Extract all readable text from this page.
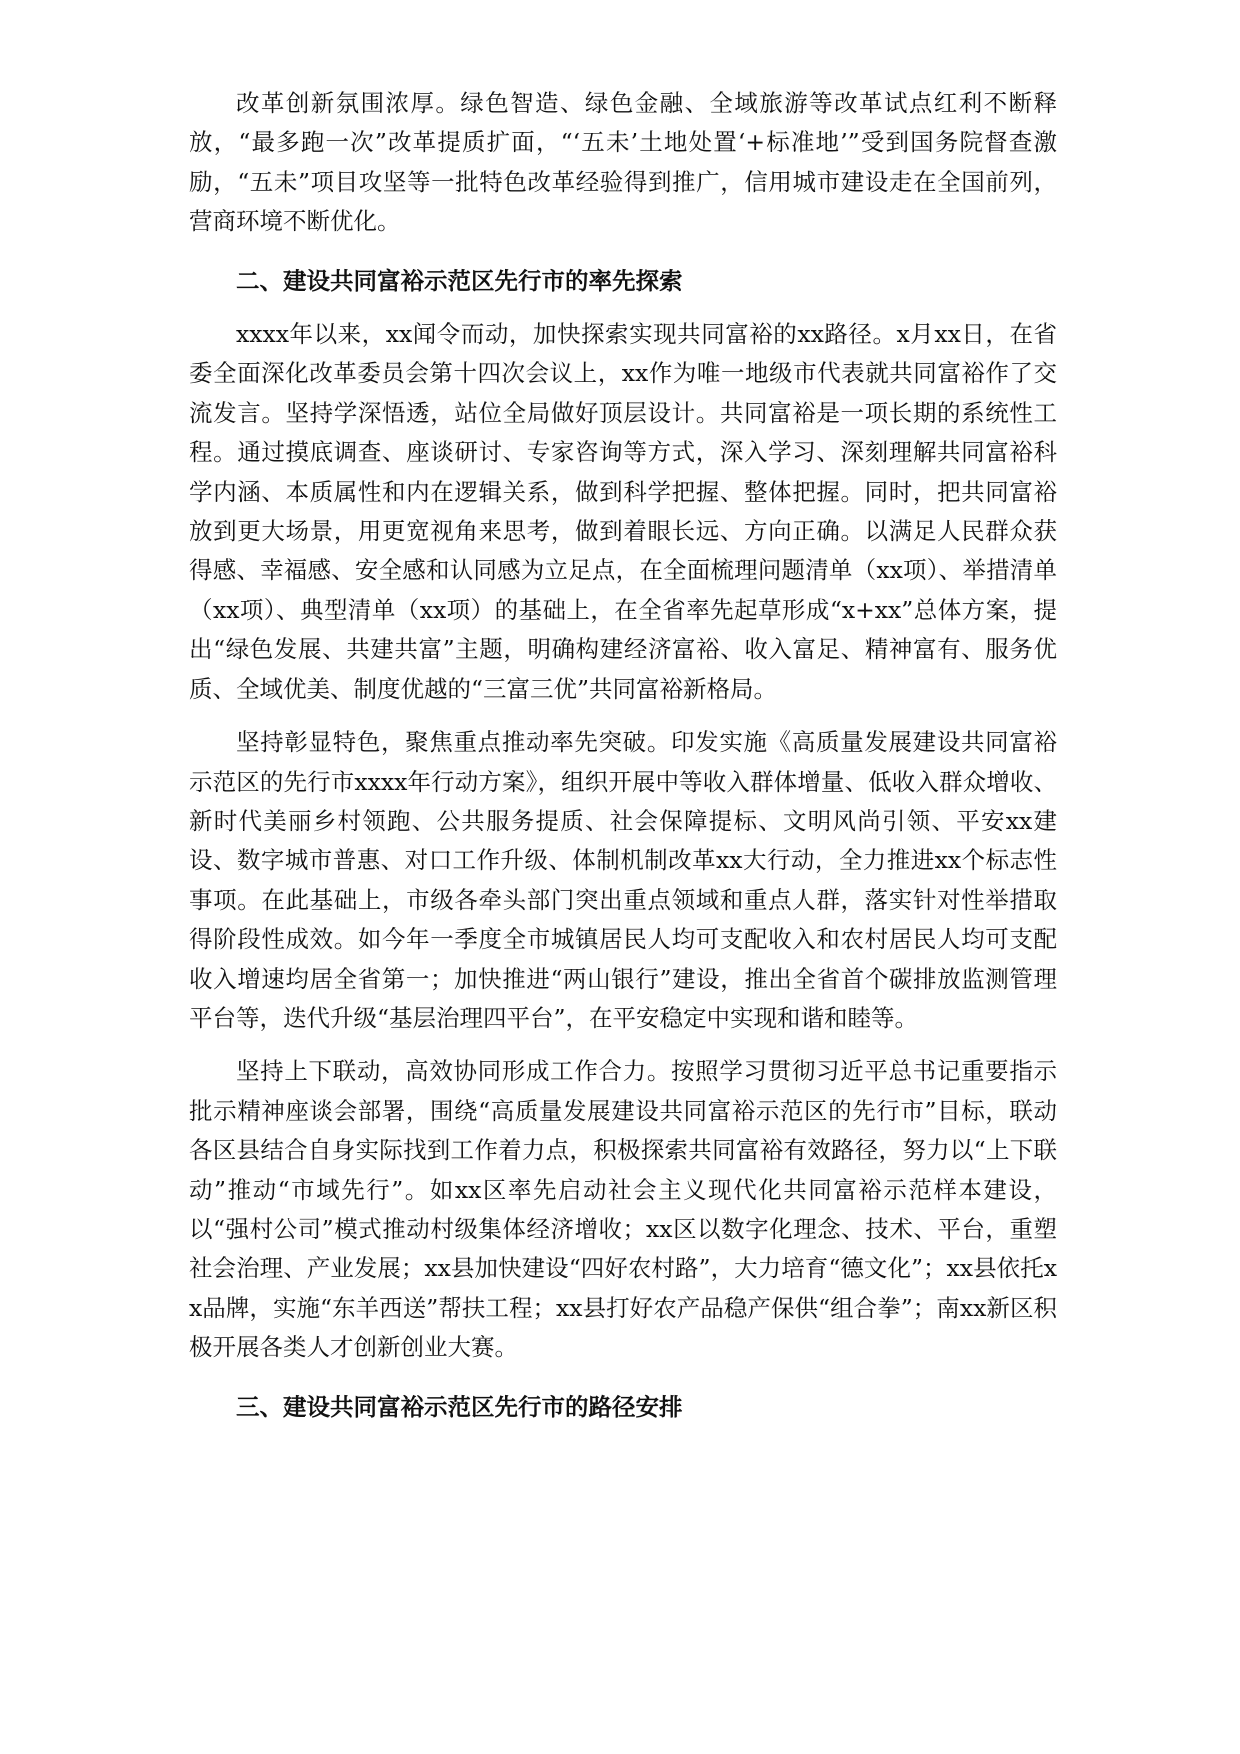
改革创新氛围浓厚。绿色智造、绿色金融、全域旅游等改革试点红利不断释放，“最多跑一次”改革提质扩面，“‘五未’土地处置‘+标准地’”受到国务院督查激励，“五未”项目攻坚等一批特色改革经验得到推广，信用城市建设走在全国前列，营商环境不断优化。

二、建设共同富裕示范区先行市的率先探索

xxxx年以来，xx闻令而动，加快探索实现共同富裕的xx路径。x月xx日，在省委全面深化改革委员会第十四次会议上，xx作为唯一地级市代表就共同富裕作了交流发言。坚持学深悟透，站位全局做好顶层设计。共同富裕是一项长期的系统性工程。通过摸底调查、座谈研讨、专家咨询等方式，深入学习、深刻理解共同富裕科学内涵、本质属性和内在逻辑关系，做到科学把握、整体把握。同时，把共同富裕放到更大场景，用更宽视角来思考，做到着眼长远、方向正确。以满足人民群众获得感、幸福感、安全感和认同感为立足点，在全面梳理问题清单（xx项）、举措清单（xx项）、典型清单（xx项）的基础上，在全省率先起草形成“x+xx”总体方案，提出“绿色发展、共建共富”主题，明确构建经济富裕、收入富足、精神富有、服务优质、全域优美、制度优越的“三富三优”共同富裕新格局。

坚持彰显特色，聚焦重点推动率先突破。印发实施《高质量发展建设共同富裕示范区的先行市xxxx年行动方案》，组织开展中等收入群体增量、低收入群众增收、新时代美丽乡村领跑、公共服务提质、社会保障提标、文明风尚引领、平安xx建设、数字城市普惠、对口工作升级、体制机制改革xx大行动，全力推进xx个标志性事项。在此基础上，市级各牵头部门突出重点领域和重点人群，落实针对性举措取得阶段性成效。如今年一季度全市城镇居民人均可支配收入和农村居民人均可支配收入增速均居全省第一；加快推进“两山银行”建设，推出全省首个碳排放监测管理平台等，迭代升级“基层治理四平台”，在平安稳定中实现和谐和睦等。

坚持上下联动，高效协同形成工作合力。按照学习贯彻习近平总书记重要指示批示精神座谈会部署，围绕“高质量发展建设共同富裕示范区的先行市”目标，联动各区县结合自身实际找到工作着力点，积极探索共同富裕有效路径，努力以“上下联动”推动“市域先行”。如xx区率先启动社会主义现代化共同富裕示范样本建设，以“强村公司”模式推动村级集体经济增收；xx区以数字化理念、技术、平台，重塑社会治理、产业发展；xx县加快建设“四好农村路”，大力培育“德文化”；xx县依托xx品牌，实施“东羊西送”帮扶工程；xx县打好农产品稳产保供“组合拳”；南xx新区积极开展各类人才创新创业大赛。

三、建设共同富裕示范区先行市的路径安排
